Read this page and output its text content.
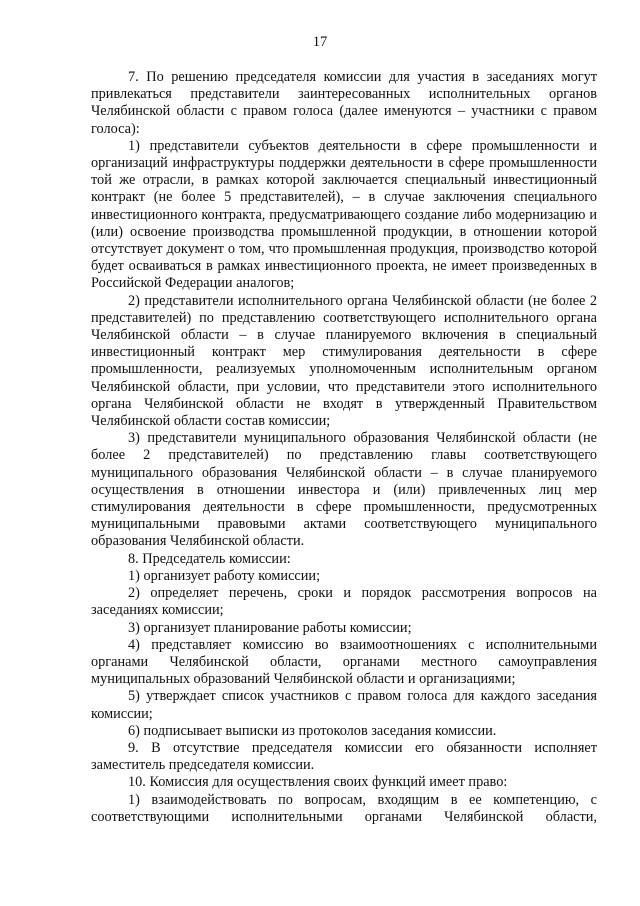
17

7. По решению председателя комиссии для участия в заседаниях могут привлекаться представители заинтересованных исполнительных органов Челябинской области с правом голоса (далее именуются – участники с правом голоса):

1) представители субъектов деятельности в сфере промышленности и организаций инфраструктуры поддержки деятельности в сфере промышленности той же отрасли, в рамках которой заключается специальный инвестиционный контракт (не более 5 представителей), – в случае заключения специального инвестиционного контракта, предусматривающего создание либо модернизацию и (или) освоение производства промышленной продукции, в отношении которой отсутствует документ о том, что промышленная продукция, производство которой будет осваиваться в рамках инвестиционного проекта, не имеет произведенных в Российской Федерации аналогов;

2) представители исполнительного органа Челябинской области (не более 2 представителей) по представлению соответствующего исполнительного органа Челябинской области – в случае планируемого включения в специальный инвестиционный контракт мер стимулирования деятельности в сфере промышленности, реализуемых уполномоченным исполнительным органом Челябинской области, при условии, что представители этого исполнительного органа Челябинской области не входят в утвержденный Правительством Челябинской области состав комиссии;

3) представители муниципального образования Челябинской области (не более 2 представителей) по представлению главы соответствующего муниципального образования Челябинской области – в случае планируемого осуществления в отношении инвестора и (или) привлеченных лиц мер стимулирования деятельности в сфере промышленности, предусмотренных муниципальными правовыми актами соответствующего муниципального образования Челябинской области.

8. Председатель комиссии:

1) организует работу комиссии;

2) определяет перечень, сроки и порядок рассмотрения вопросов на заседаниях комиссии;

3) организует планирование работы комиссии;

4) представляет комиссию во взаимоотношениях с исполнительными органами Челябинской области, органами местного самоуправления муниципальных образований Челябинской области и организациями;

5) утверждает список участников с правом голоса для каждого заседания комиссии;

6) подписывает выписки из протоколов заседания комиссии.

9. В отсутствие председателя комиссии его обязанности исполняет заместитель председателя комиссии.

10. Комиссия для осуществления своих функций имеет право:

1) взаимодействовать по вопросам, входящим в ее компетенцию, с соответствующими исполнительными органами Челябинской области,
